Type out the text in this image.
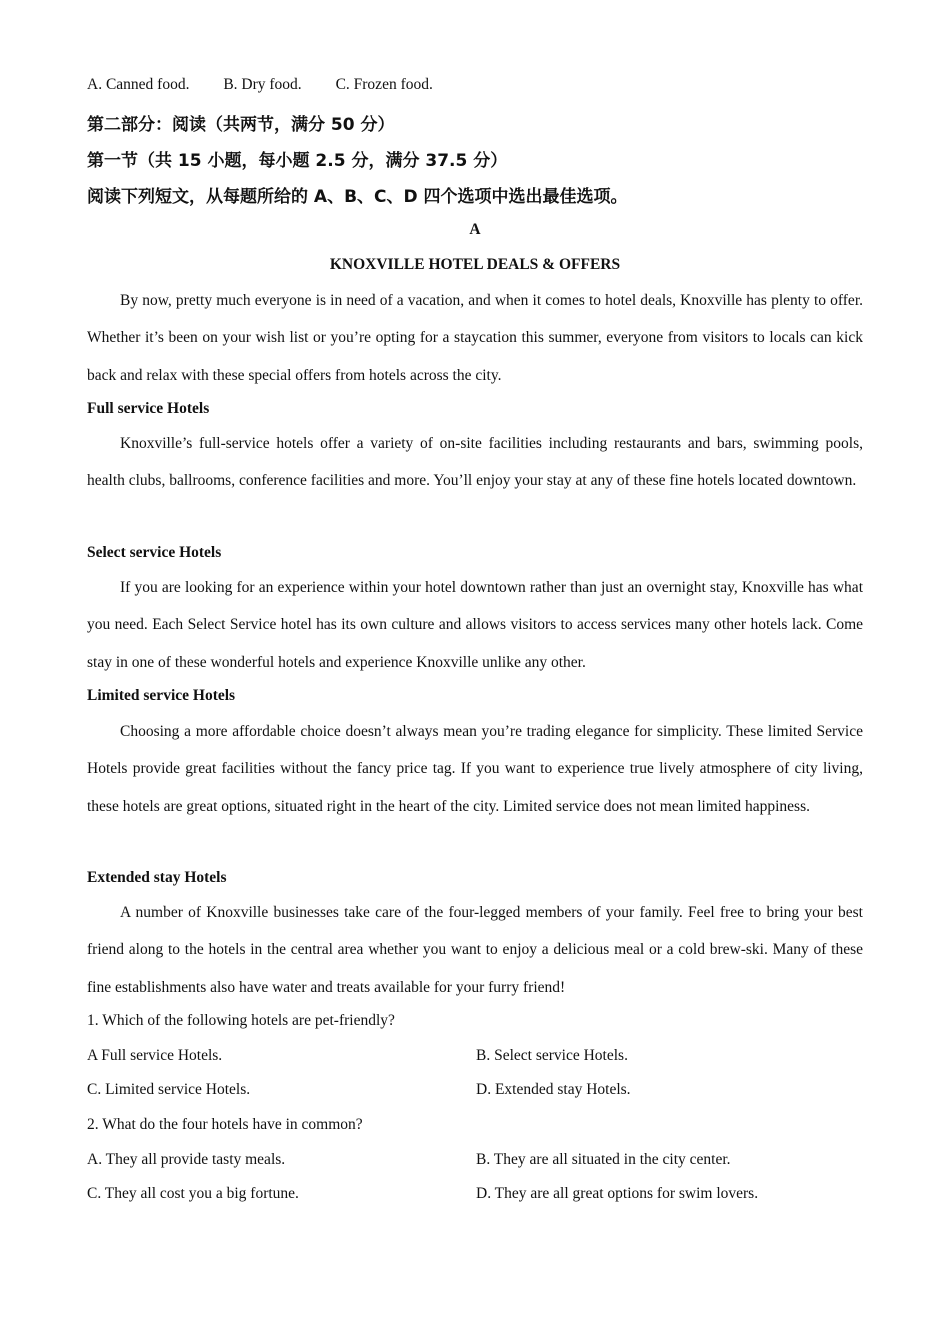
A. Canned food. B. Dry food. C. Frozen food.
第二部分：阅读（共两节，满分 50 分）
第一节（共 15 小题，每小题 2.5 分，满分 37.5 分）
阅读下列短文，从每题所给的 A、B、C、D 四个选项中选出最佳选项。
A
KNOXVILLE HOTEL DEALS & OFFERS
By now, pretty much everyone is in need of a vacation, and when it comes to hotel deals, Knoxville has plenty to offer. Whether it’s been on your wish list or you’re opting for a staycation this summer, everyone from visitors to locals can kick back and relax with these special offers from hotels across the city.
Full service Hotels
Knoxville’s full-service hotels offer a variety of on-site facilities including restaurants and bars, swimming pools, health clubs, ballrooms, conference facilities and more. You’ll enjoy your stay at any of these fine hotels located downtown.
Select service Hotels
If you are looking for an experience within your hotel downtown rather than just an overnight stay, Knoxville has what you need. Each Select Service hotel has its own culture and allows visitors to access services many other hotels lack. Come stay in one of these wonderful hotels and experience Knoxville unlike any other.
Limited service Hotels
Choosing a more affordable choice doesn’t always mean you’re trading elegance for simplicity. These limited Service Hotels provide great facilities without the fancy price tag. If you want to experience true lively atmosphere of city living, these hotels are great options, situated right in the heart of the city. Limited service does not mean limited happiness.
Extended stay Hotels
A number of Knoxville businesses take care of the four-legged members of your family. Feel free to bring your best friend along to the hotels in the central area whether you want to enjoy a delicious meal or a cold brew-ski. Many of these fine establishments also have water and treats available for your furry friend!
1. Which of the following hotels are pet-friendly?
A Full service Hotels.	B. Select service Hotels.
C. Limited service Hotels.	D. Extended stay Hotels.
2. What do the four hotels have in common?
A. They all provide tasty meals.	B. They are all situated in the city center.
C. They all cost you a big fortune.	D. They are all great options for swim lovers.
